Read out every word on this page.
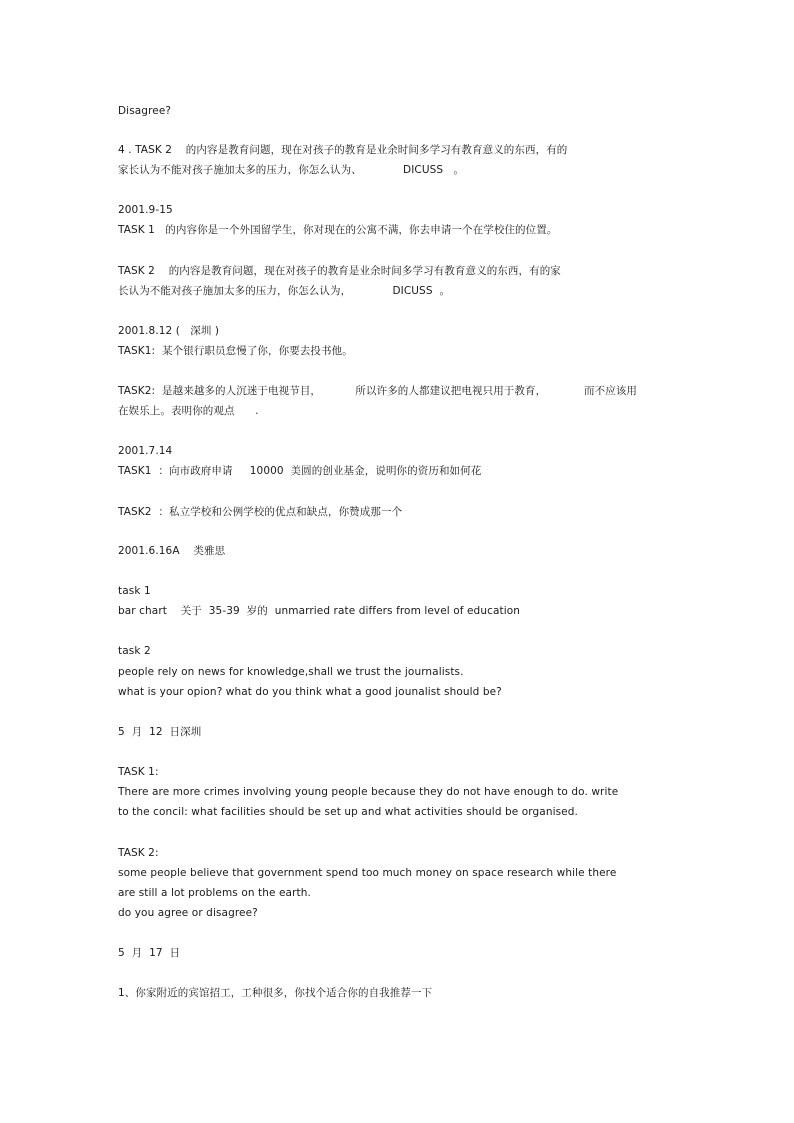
Disagree?
4 . TASK 2    的内容是教育问题，现在对孩子的教育是业余时间多学习有教育意义的东西，有的
家长认为不能对孩子施加太多的压力，你怎么认为、            DICUSS   。
2001.9-15
TASK 1   的内容你是一个外国留学生，你对现在的公寓不满，你去申请一个在学校住的位置。
TASK 2    的内容是教育问题，现在对孩子的教育是业余时间多学习有教育意义的东西，有的家
长认为不能对孩子施加太多的压力，你怎么认为，            DICUSS  。
2001.8.12 (   深圳 )
TASK1:  某个银行职员怠慢了你，你要去投书他。
TASK2:  是越来越多的人沉迷于电视节目，          所以许多的人都建议把电视只用于教育，           而不应该用
在娱乐上。表明你的观点      .
2001.7.14
TASK1  ：向市政府申请     10000  美圆的创业基金，说明你的资历和如何花
TASK2  ：私立学校和公例学校的优点和缺点，你赞成那一个
2001.6.16A    类雅思
task 1
bar chart    关于  35-39  岁的  unmarried rate differs from level of education
task 2
people rely on news for knowledge,shall we trust the journalists.
what is your opion? what do you think what a good jounalist should be?
5  月  12  日深圳
TASK 1:
There are more crimes involving young people because they do not have enough to do. write
to the concil: what facilities should be set up and what activities should be organised.
TASK 2:
some people believe that government spend too much money on space research while there
are still a lot problems on the earth.
do you agree or disagree?
5  月  17  日
1、你家附近的宾馆招工，工种很多，你找个适合你的自我推荐一下
